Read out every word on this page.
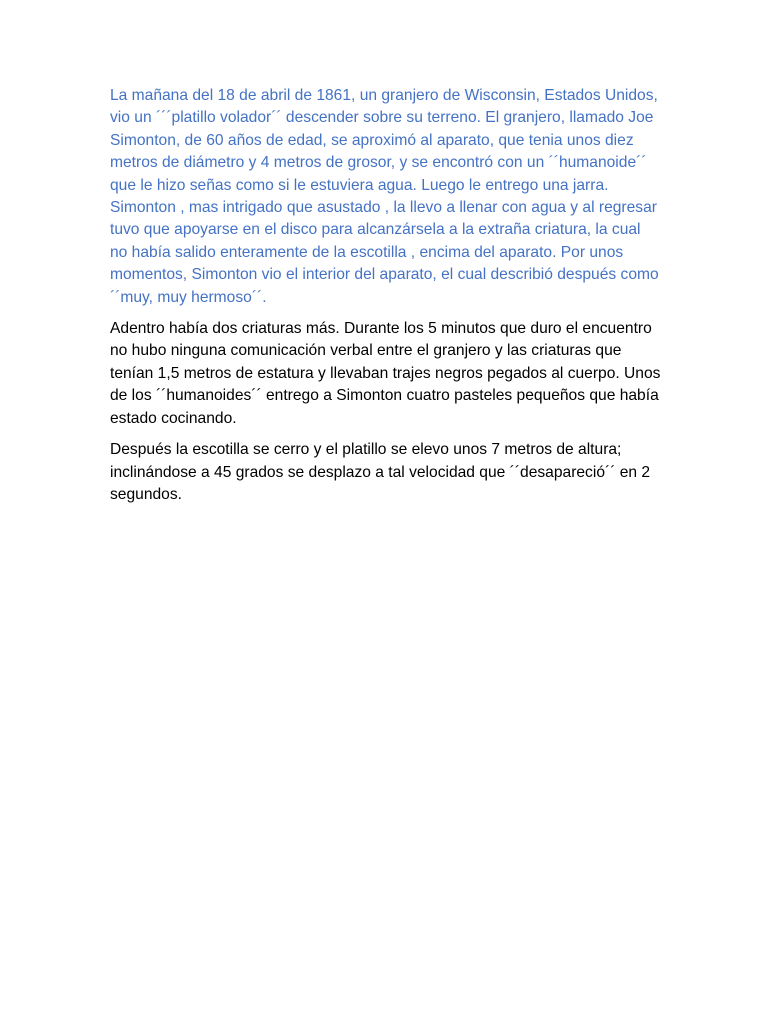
La mañana del 18 de abril de 1861, un granjero de Wisconsin, Estados Unidos, vio un ´´´platillo volador´´ descender sobre su terreno. El granjero, llamado Joe Simonton, de 60 años de edad, se aproximó al aparato, que tenia unos diez metros de diámetro y 4 metros de grosor, y se encontró con un ´´humanoide´´ que le hizo señas como si le estuviera agua. Luego le entrego una jarra. Simonton , mas intrigado que asustado , la llevo a llenar con agua y al regresar tuvo que apoyarse en el disco para alcanzársela a la extraña criatura, la cual no había salido enteramente de la escotilla , encima del aparato. Por unos momentos, Simonton vio el interior del aparato, el cual describió después como ´´muy, muy hermoso´´.

Adentro había dos criaturas más. Durante los 5 minutos que duro el encuentro no hubo ninguna comunicación verbal entre el granjero y las criaturas que tenían 1,5 metros de estatura y llevaban trajes negros pegados al cuerpo. Unos de los ´´humanoides´´ entrego a Simonton cuatro pasteles pequeños que había estado cocinando.

Después la escotilla se cerro y el platillo se elevo unos 7 metros de altura; inclinándose a 45 grados se desplazo a tal velocidad que ´´desapareció´´ en 2 segundos.
